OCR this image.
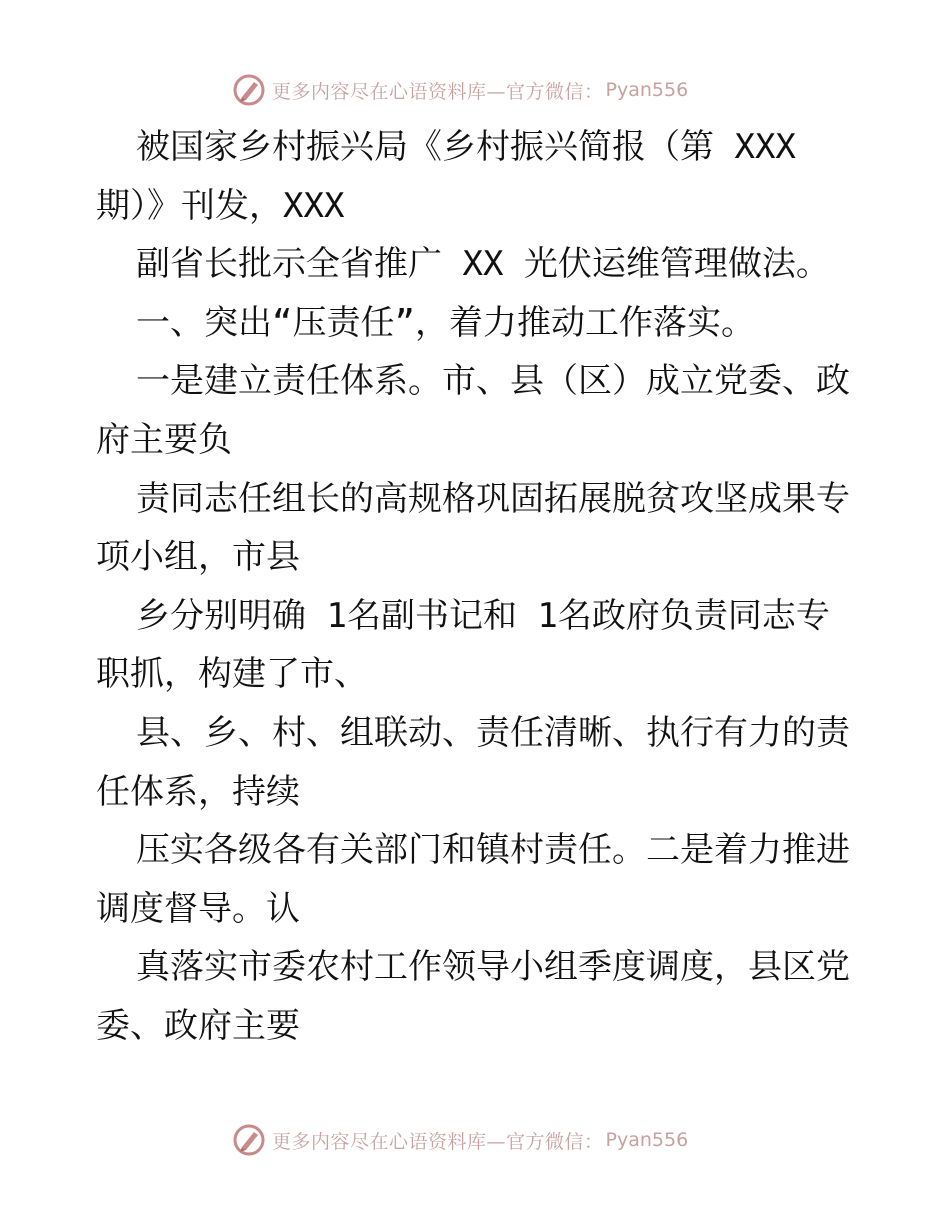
更多内容尽在心语资料库—官方微信： Pyan556

被国家乡村振兴局《乡村振兴简报（第 XXX

期）》刊发，XXX

副省长批示全省推广 XX 光伏运维管理做法。

一、突出“压责任”，着力推动工作落实。

一是建立责任体系。市、县（区）成立党委、政

府主要负

责同志任组长的高规格巩固拓展脱贫攻坚成果专

项小组，市县

乡分别明确 1名副书记和 1名政府负责同志专

职抓，构建了市、

县、乡、村、组联动、责任清晰、执行有力的责

任体系，持续

压实各级各有关部门和镇村责任。二是着力推进

调度督导。认

真落实市委农村工作领导小组季度调度，县区党

委、政府主要

更多内容尽在心语资料库—官方微信： Pyan556
